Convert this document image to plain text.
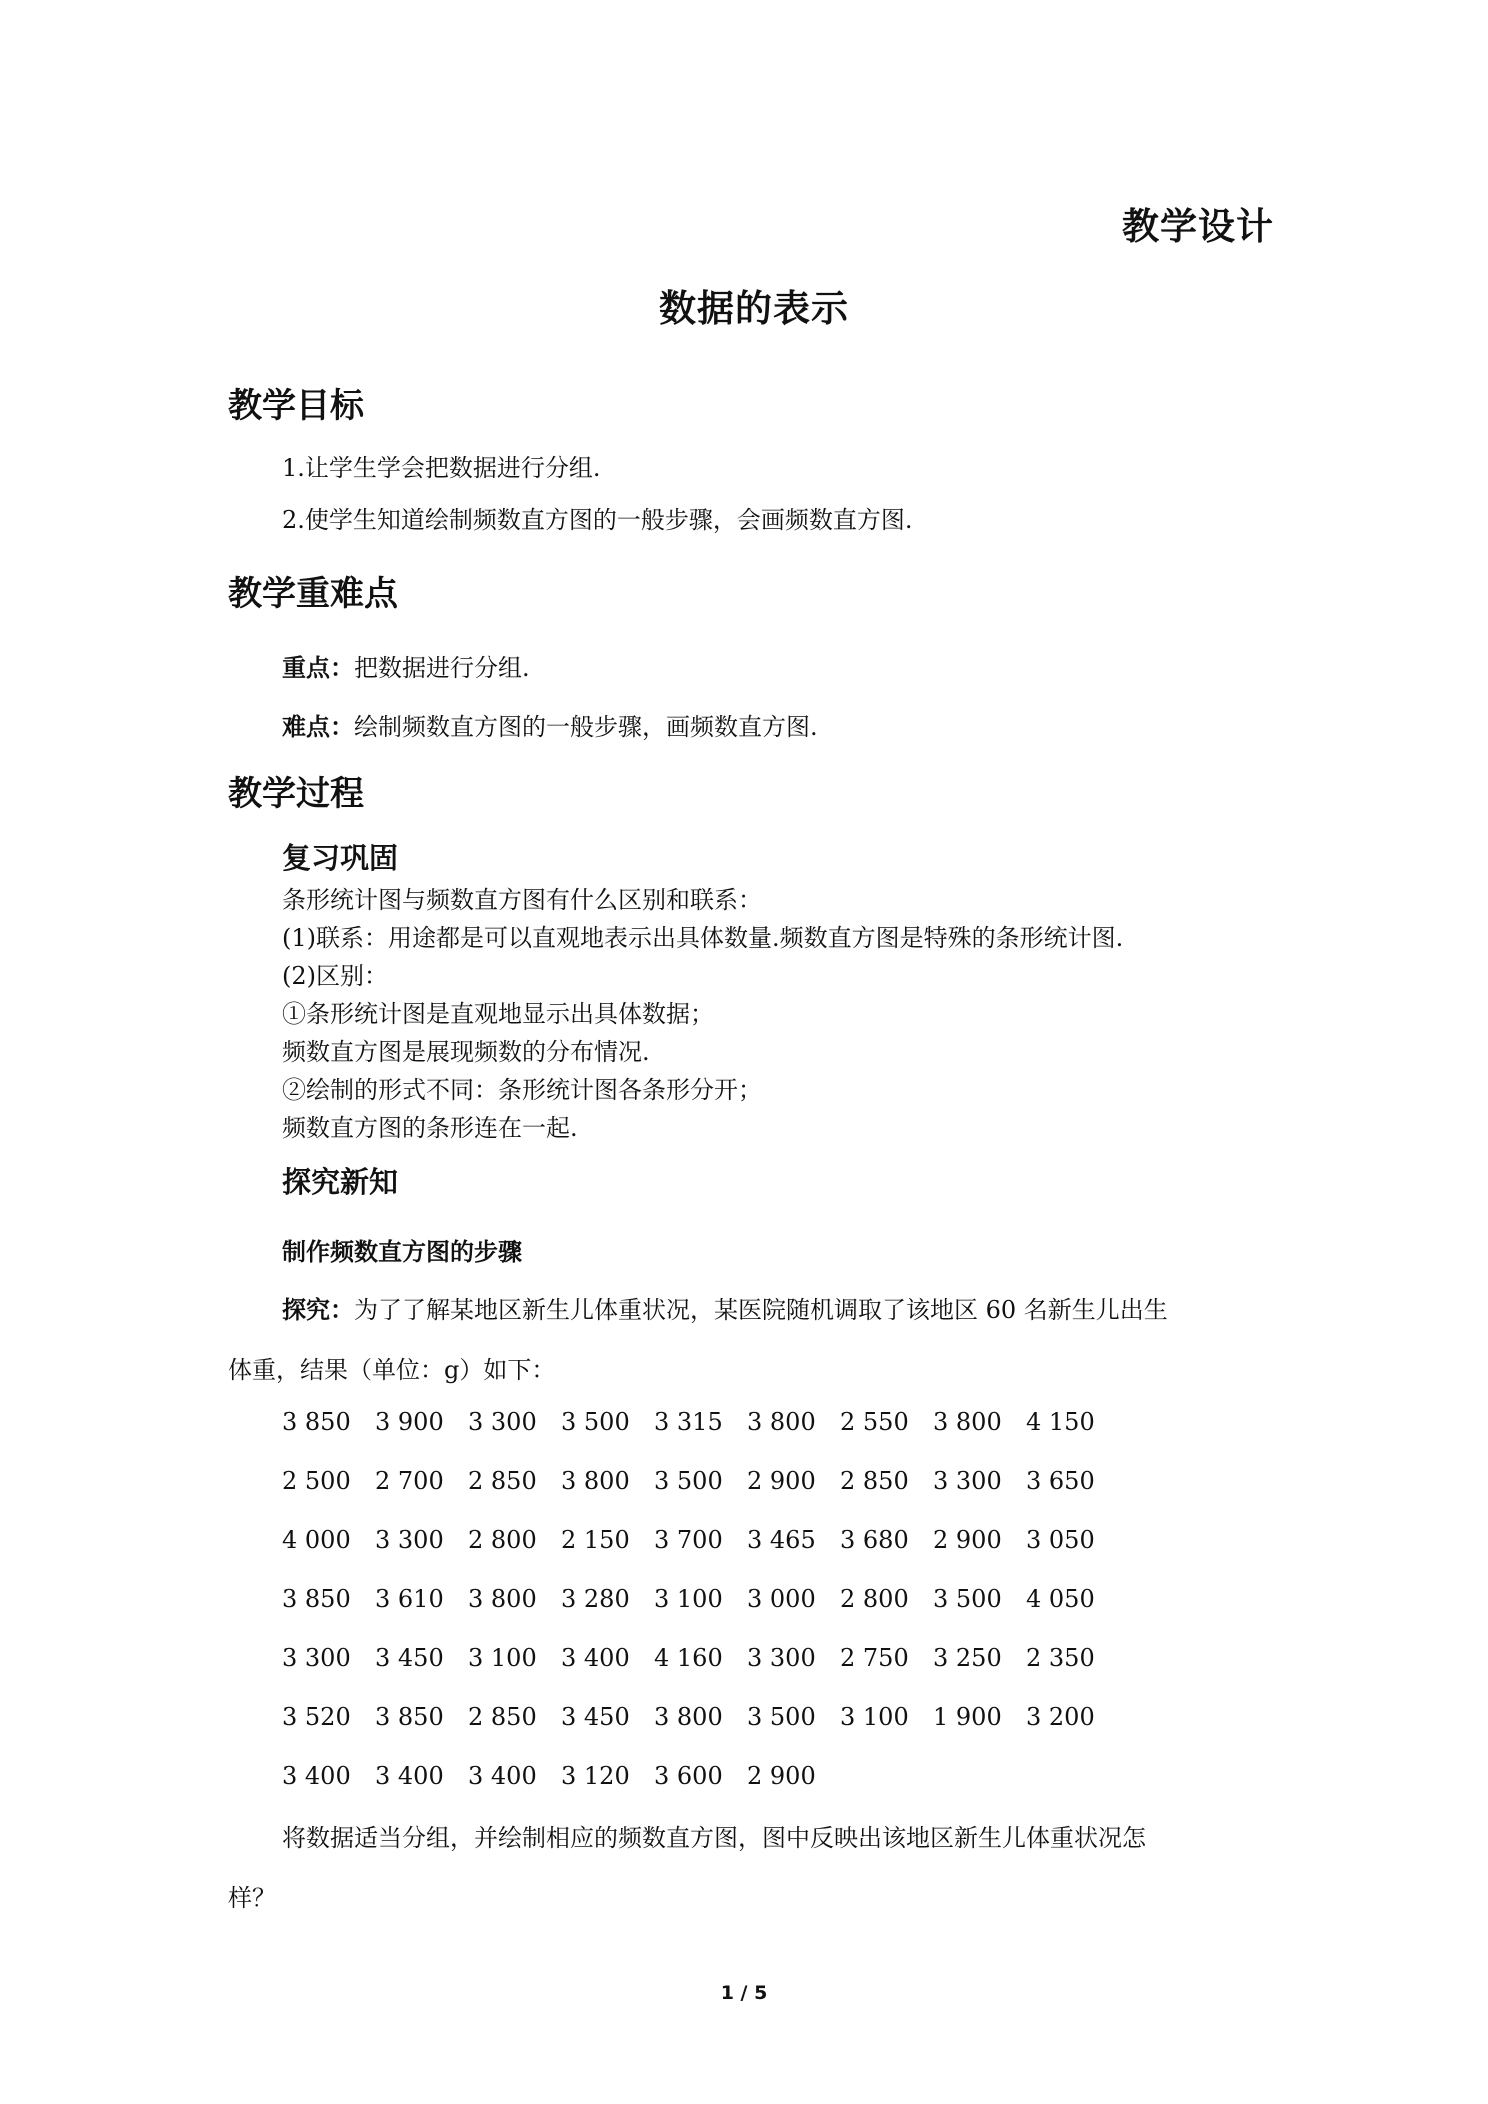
教学设计
数据的表示
教学目标
1.让学生学会把数据进行分组.
2.使学生知道绘制频数直方图的一般步骤，会画频数直方图.
教学重难点
重点：把数据进行分组.
难点：绘制频数直方图的一般步骤，画频数直方图.
教学过程
复习巩固
条形统计图与频数直方图有什么区别和联系：
(1)联系：用途都是可以直观地表示出具体数量.频数直方图是特殊的条形统计图.
(2)区别：
①条形统计图是直观地显示出具体数据；
频数直方图是展现频数的分布情况.
②绘制的形式不同：条形统计图各条形分开；
频数直方图的条形连在一起.
探究新知
制作频数直方图的步骤
探究：为了了解某地区新生儿体重状况，某医院随机调取了该地区 60 名新生儿出生
体重，结果（单位：g）如下：
3 850 3 900 3 300 3 500 3 315 3 800 2 550 3 800 4 150
2 500 2 700 2 850 3 800 3 500 2 900 2 850 3 300 3 650
4 000 3 300 2 800 2 150 3 700 3 465 3 680 2 900 3 050
3 850 3 610 3 800 3 280 3 100 3 000 2 800 3 500 4 050
3 300 3 450 3 100 3 400 4 160 3 300 2 750 3 250 2 350
3 520 3 850 2 850 3 450 3 800 3 500 3 100 1 900 3 200
3 400 3 400 3 400 3 120 3 600 2 900
将数据适当分组，并绘制相应的频数直方图，图中反映出该地区新生儿体重状况怎
样？
1 / 5
